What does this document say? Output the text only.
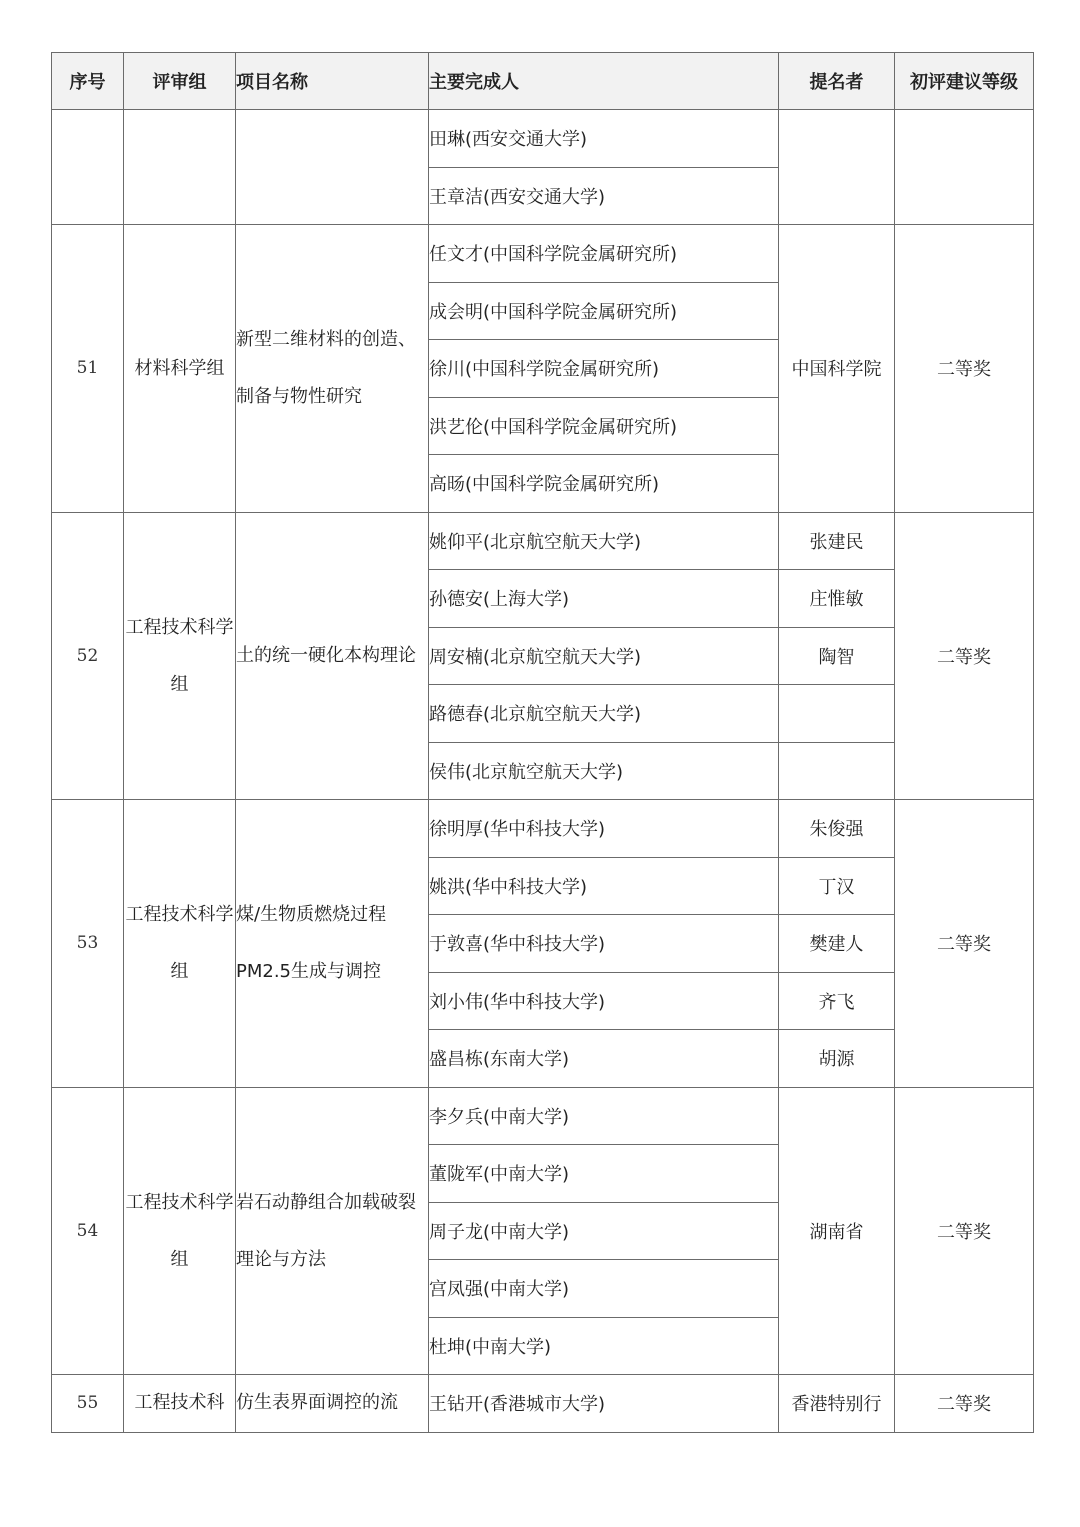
序号	评审组	项目名称	主要完成人	提名者	初评建议等级
			田琳(西安交通大学)		
			王章洁(西安交通大学)		
51	材料科学组	新型二维材料的创造、制备与物性研究	任文才(中国科学院金属研究所)	中国科学院	二等奖
			成会明(中国科学院金属研究所)		
			徐川(中国科学院金属研究所)		
			洪艺伦(中国科学院金属研究所)		
			高旸(中国科学院金属研究所)		
52	工程技术科学组	土的统一硬化本构理论	姚仰平(北京航空航天大学)	张建民	二等奖
			孙德安(上海大学)	庄惟敏	
			周安楠(北京航空航天大学)	陶智	
			路德春(北京航空航天大学)		
			侯伟(北京航空航天大学)		
53	工程技术科学组	煤/生物质燃烧过程PM2.5生成与调控	徐明厚(华中科技大学)	朱俊强	二等奖
			姚洪(华中科技大学)	丁汉	
			于敦喜(华中科技大学)	樊建人	
			刘小伟(华中科技大学)	齐飞	
			盛昌栋(东南大学)	胡源	
54	工程技术科学组	岩石动静组合加载破裂理论与方法	李夕兵(中南大学)	湖南省	二等奖
			董陇军(中南大学)		
			周子龙(中南大学)		
			宫凤强(中南大学)		
			杜坤(中南大学)		
55	工程技术科	仿生表界面调控的流	王钻开(香港城市大学)	香港特别行	二等奖
